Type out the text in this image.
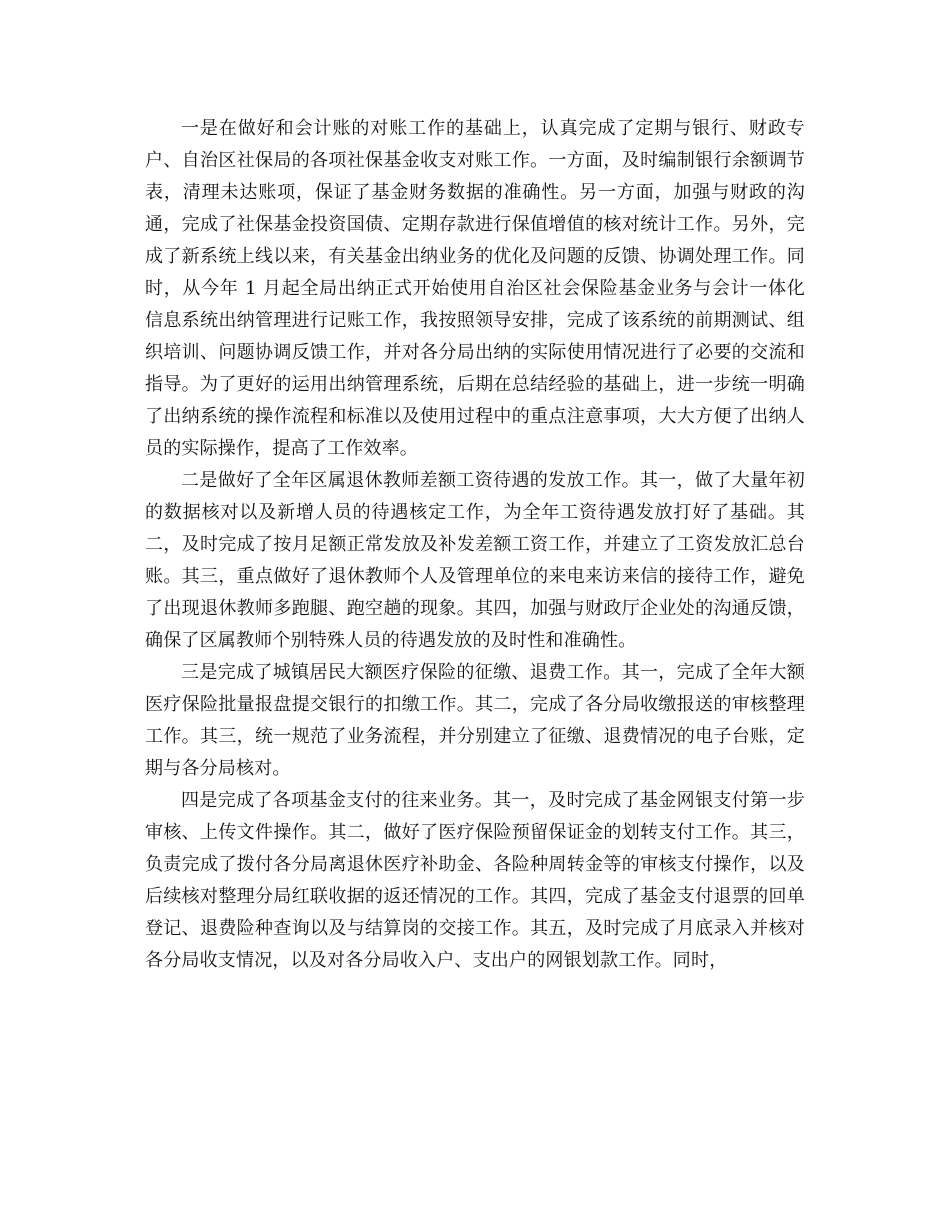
一是在做好和会计账的对账工作的基础上，认真完成了定期与银行、财政专户、自治区社保局的各项社保基金收支对账工作。一方面，及时编制银行余额调节表，清理未达账项，保证了基金财务数据的准确性。另一方面，加强与财政的沟通，完成了社保基金投资国债、定期存款进行保值增值的核对统计工作。另外，完成了新系统上线以来，有关基金出纳业务的优化及问题的反馈、协调处理工作。同时，从今年 1 月起全局出纳正式开始使用自治区社会保险基金业务与会计一体化信息系统出纳管理进行记账工作，我按照领导安排，完成了该系统的前期测试、组织培训、问题协调反馈工作，并对各分局出纳的实际使用情况进行了必要的交流和指导。为了更好的运用出纳管理系统，后期在总结经验的基础上，进一步统一明确了出纳系统的操作流程和标准以及使用过程中的重点注意事项，大大方便了出纳人员的实际操作，提高了工作效率。

二是做好了全年区属退休教师差额工资待遇的发放工作。其一，做了大量年初的数据核对以及新增人员的待遇核定工作，为全年工资待遇发放打好了基础。其二，及时完成了按月足额正常发放及补发差额工资工作，并建立了工资发放汇总台账。其三，重点做好了退休教师个人及管理单位的来电来访来信的接待工作，避免了出现退休教师多跑腿、跑空趟的现象。其四，加强与财政厅企业处的沟通反馈，确保了区属教师个别特殊人员的待遇发放的及时性和准确性。

三是完成了城镇居民大额医疗保险的征缴、退费工作。其一，完成了全年大额医疗保险批量报盘提交银行的扣缴工作。其二，完成了各分局收缴报送的审核整理工作。其三，统一规范了业务流程，并分别建立了征缴、退费情况的电子台账，定期与各分局核对。

四是完成了各项基金支付的往来业务。其一，及时完成了基金网银支付第一步审核、上传文件操作。其二，做好了医疗保险预留保证金的划转支付工作。其三，负责完成了拨付各分局离退休医疗补助金、各险种周转金等的审核支付操作，以及后续核对整理分局红联收据的返还情况的工作。其四，完成了基金支付退票的回单登记、退费险种查询以及与结算岗的交接工作。其五，及时完成了月底录入并核对各分局收支情况，以及对各分局收入户、支出户的网银划款工作。同时，
